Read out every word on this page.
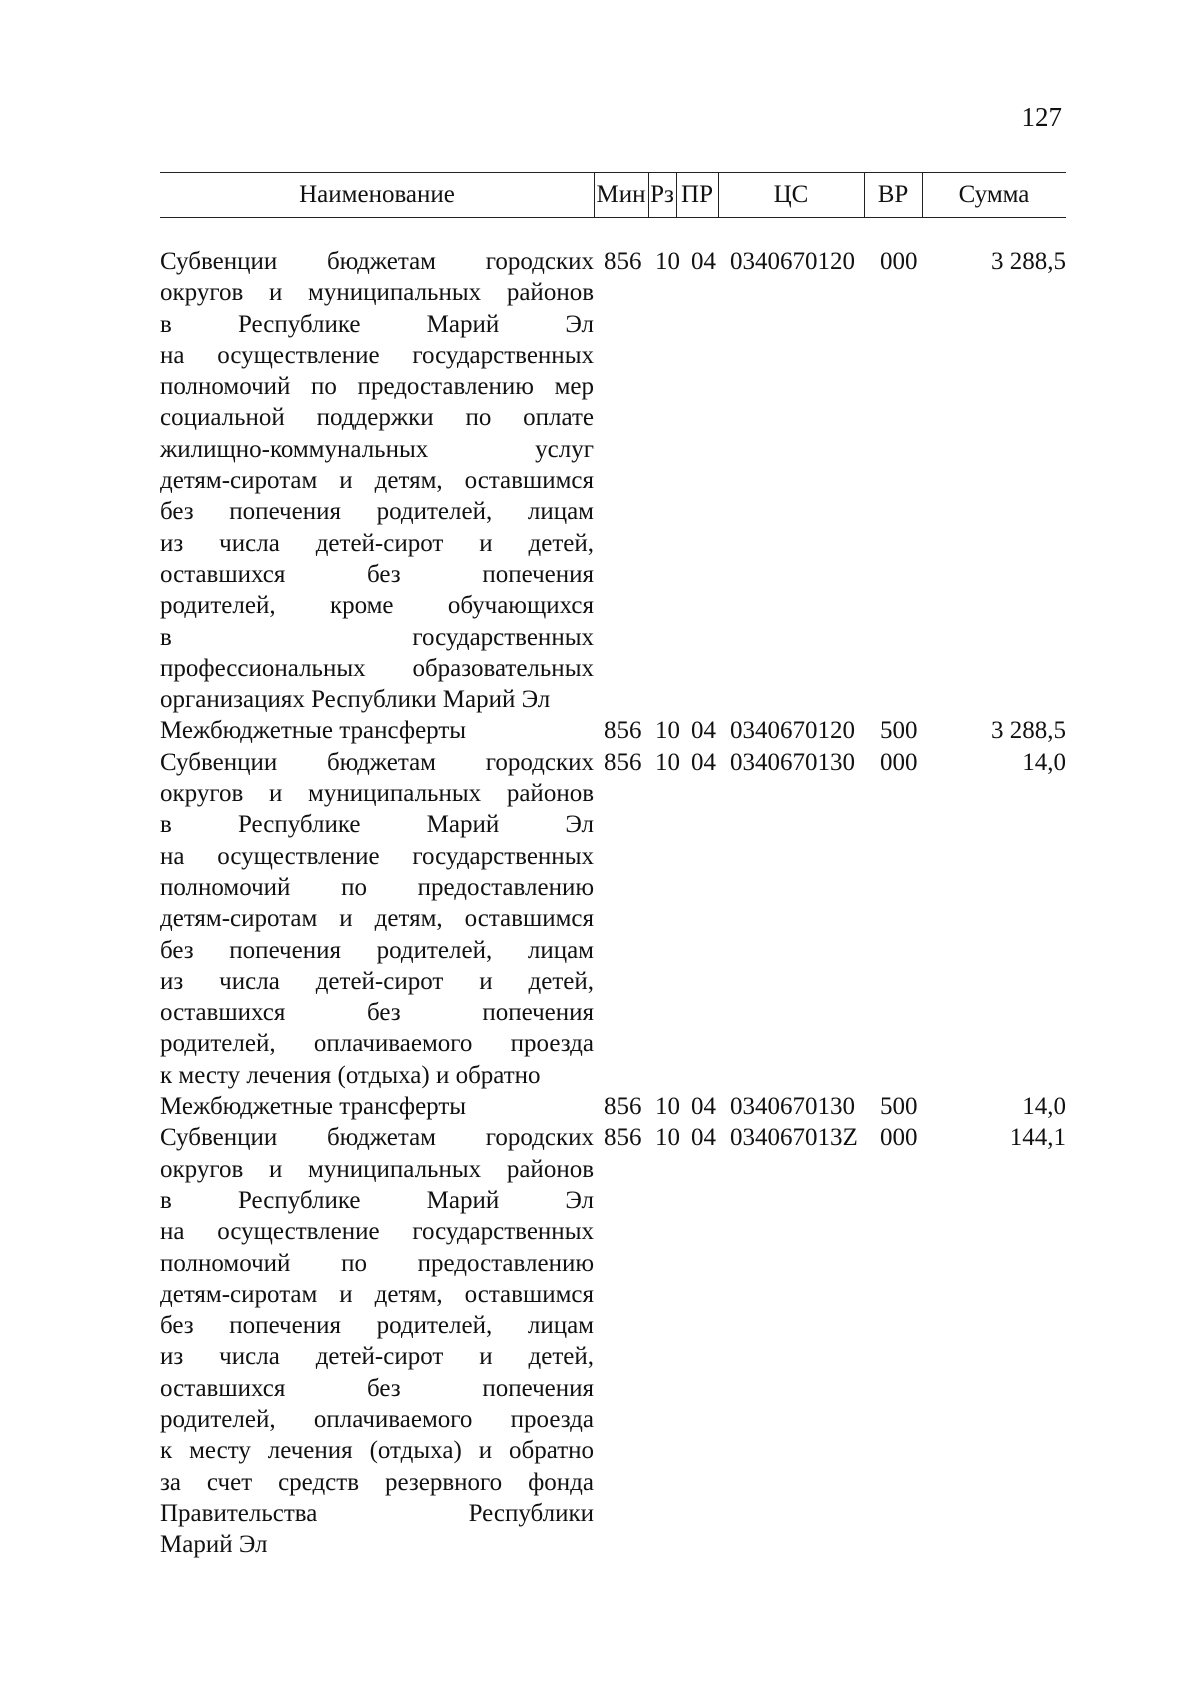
127
Наименование	Мин Рз ПР	ЦС	ВР	Сумма
Субвенции бюджетам городских
округов и муниципальных районов
в Республике Марий Эл
на осуществление государственных
полномочий по предоставлению мер
социальной поддержки по оплате
жилищно-коммунальных услуг
детям-сиротам и детям, оставшимся
без попечения родителей, лицам
из числа детей-сирот и детей,
оставшихся без попечения
родителей, кроме обучающихся
в государственных
профессиональных образовательных
организациях Республики Марий Эл
856 10 04 0340670120 000	3 288,5
Межбюджетные трансферты	856 10 04 0340670120 500	3 288,5
Субвенции бюджетам городских
округов и муниципальных районов
в Республике Марий Эл
на осуществление государственных
полномочий по предоставлению
детям-сиротам и детям, оставшимся
без попечения родителей, лицам
из числа детей-сирот и детей,
оставшихся без попечения
родителей, оплачиваемого проезда
к месту лечения (отдыха) и обратно
856 10 04 0340670130 000	14,0
Межбюджетные трансферты	856 10 04 0340670130 500	14,0
Субвенции бюджетам городских
округов и муниципальных районов
в Республике Марий Эл
на осуществление государственных
полномочий по предоставлению
детям-сиротам и детям, оставшимся
без попечения родителей, лицам
из числа детей-сирот и детей,
оставшихся без попечения
родителей, оплачиваемого проезда
к месту лечения (отдыха) и обратно
за счет средств резервного фонда
Правительства Республики
Марий Эл
856 10 04 034067013Z 000	144,1
